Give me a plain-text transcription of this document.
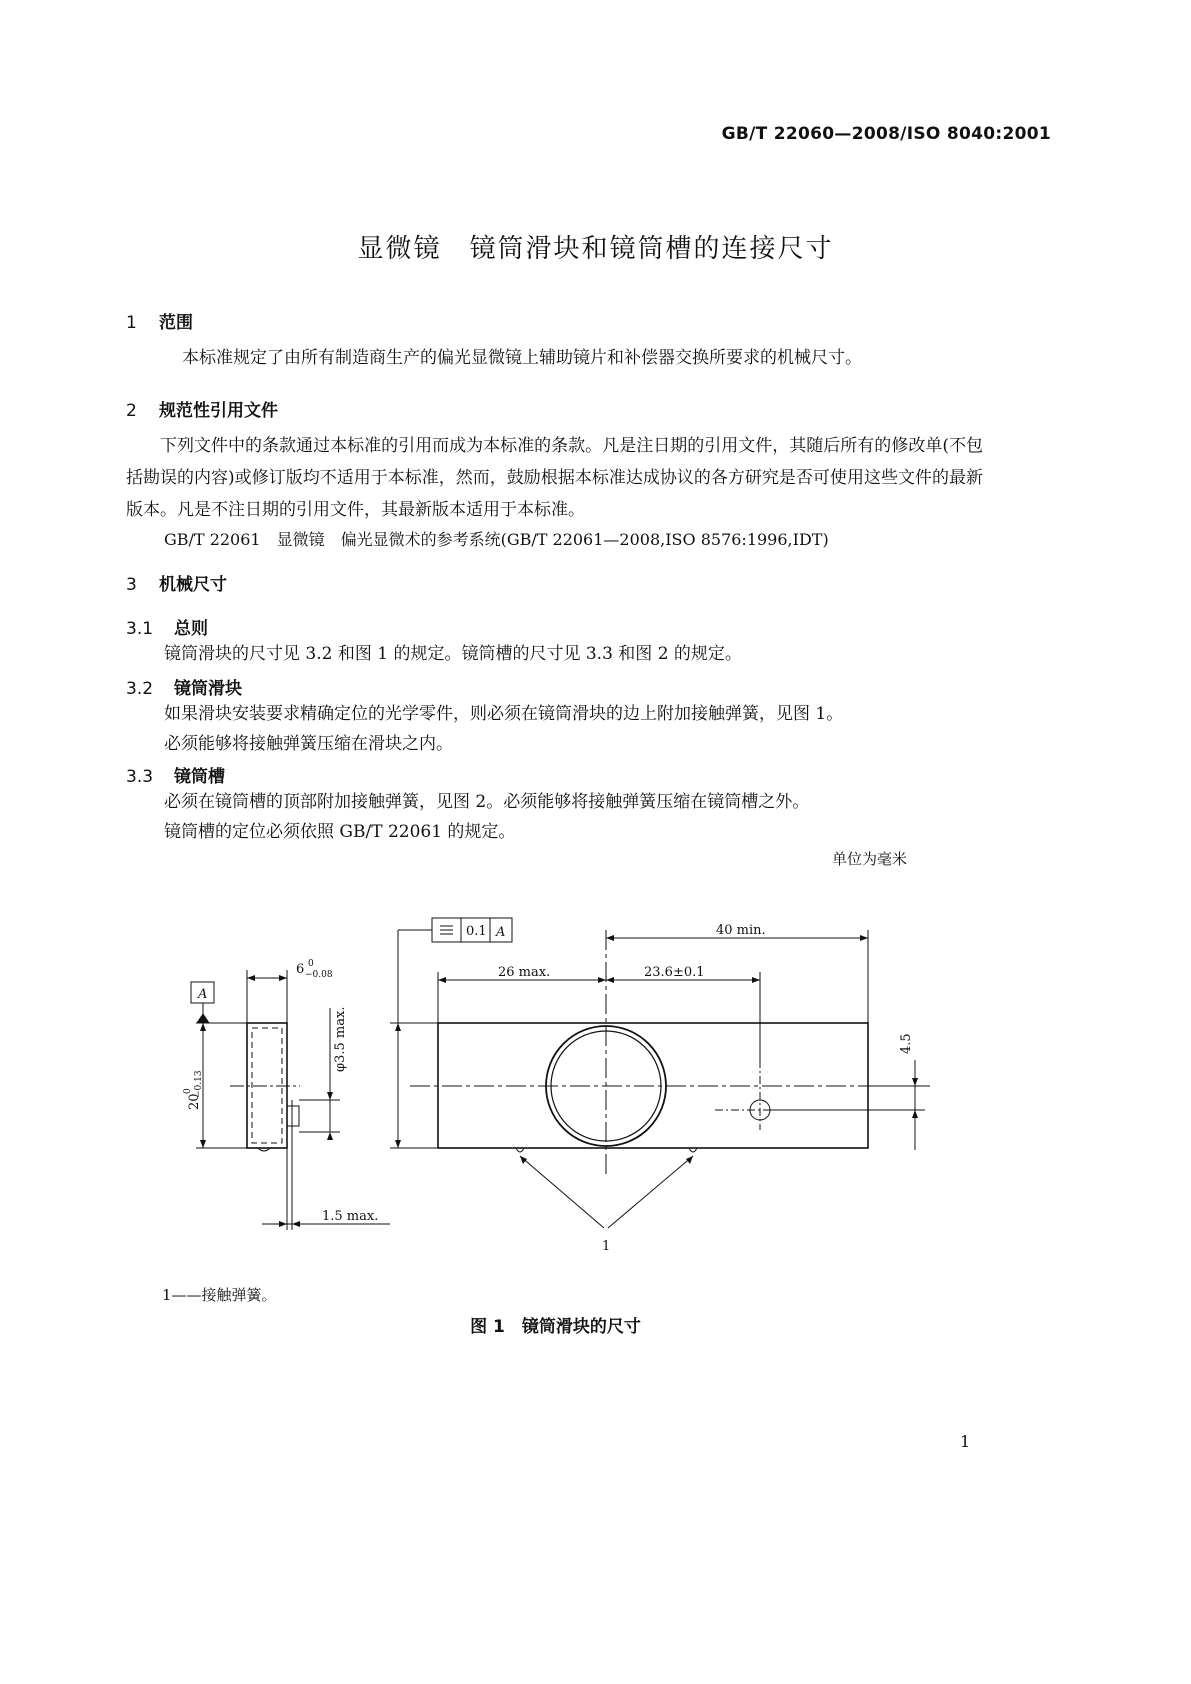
GB/T 22060—2008/ISO 8040:2001
显微镜　镜筒滑块和镜筒槽的连接尺寸
1 范围
本标准规定了由所有制造商生产的偏光显微镜上辅助镜片和补偿器交换所要求的机械尺寸。
2 规范性引用文件
下列文件中的条款通过本标准的引用而成为本标准的条款。凡是注日期的引用文件，其随后所有的修改单(不包括勘误的内容)或修订版均不适用于本标准，然而，鼓励根据本标准达成协议的各方研究是否可使用这些文件的最新版本。凡是不注日期的引用文件，其最新版本适用于本标准。
GB/T 22061　显微镜　偏光显微术的参考系统(GB/T 22061—2008,ISO 8576:1996,IDT)
3 机械尺寸
3.1 总则
镜筒滑块的尺寸见 3.2 和图 1 的规定。镜筒槽的尺寸见 3.3 和图 2 的规定。
3.2 镜筒滑块
如果滑块安装要求精确定位的光学零件，则必须在镜筒滑块的边上附加接触弹簧，见图 1。
必须能够将接触弹簧压缩在滑块之内。
3.3 镜筒槽
必须在镜筒槽的顶部附加接触弹簧，见图 2。必须能够将接触弹簧压缩在镜筒槽之外。
镜筒槽的定位必须依照 GB/T 22061 的规定。
单位为毫米
A
A
0.1
6 0
−0.08
20
0 −0.13
φ3.5 max.
1.5 max.
40 min.
26 max.	23.6±0.1
4.5
1
1——接触弹簧。
图 1　镜筒滑块的尺寸
1
